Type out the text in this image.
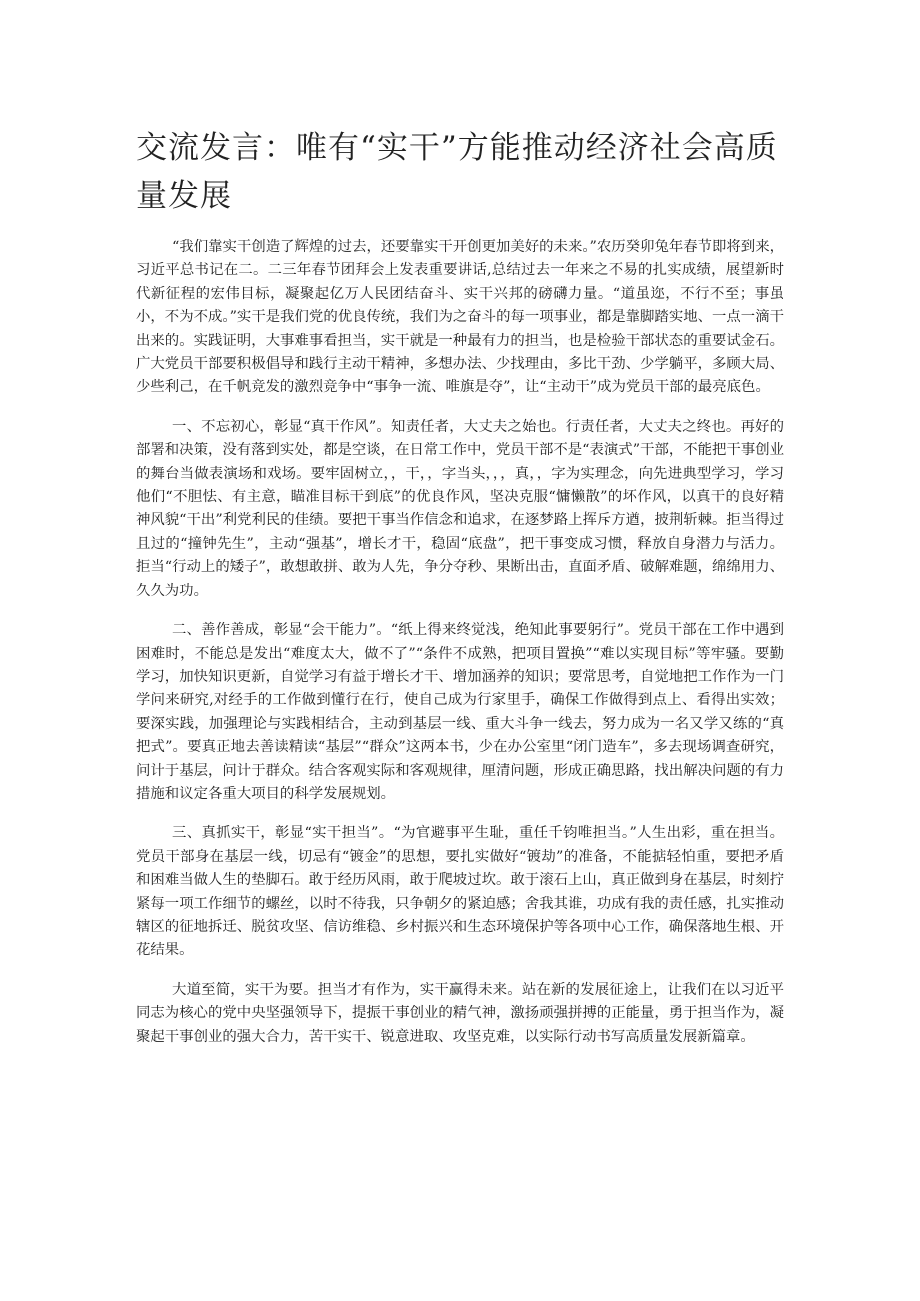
交流发言：唯有“实干”方能推动经济社会高质量发展

“我们靠实干创造了辉煌的过去，还要靠实干开创更加美好的未来。”农历癸卯兔年春节即将到来，习近平总书记在二。二三年春节团拜会上发表重要讲话,总结过去一年来之不易的扎实成绩，展望新时代新征程的宏伟目标，凝聚起亿万人民团结奋斗、实干兴邦的磅礴力量。“道虽迩，不行不至；事虽小，不为不成。”实干是我们党的优良传统，我们为之奋斗的每一项事业，都是靠脚踏实地、一点一滴干出来的。实践证明，大事难事看担当，实干就是一种最有力的担当，也是检验干部状态的重要试金石。广大党员干部要积极倡导和践行主动干精神，多想办法、少找理由，多比干劲、少学躺平，多顾大局、少些利己，在千帆竞发的激烈竞争中“事争一流、唯旗是夺”，让“主动干”成为党员干部的最亮底色。

一、不忘初心，彰显“真干作风”。知责任者，大丈夫之始也。行责任者，大丈夫之终也。再好的部署和决策，没有落到实处，都是空谈，在日常工作中，党员干部不是“表演式”干部，不能把干事创业的舞台当做表演场和戏场。要牢固树立，，干，，字当头，，，真，，字为实理念，向先进典型学习，学习他们“不胆怯、有主意，瞄准目标干到底”的优良作风，坚决克服“慵懒散”的坏作风，以真干的良好精神风貌“干出”利党利民的佳绩。要把干事当作信念和追求，在逐梦路上挥斥方遒，披荆斩棘。拒当得过且过的“撞钟先生”，主动“强基”，增长才干，稳固“底盘”，把干事变成习惯，释放自身潜力与活力。拒当“行动上的矮子”，敢想敢拼、敢为人先，争分夺秒、果断出击，直面矛盾、破解难题，绵绵用力、久久为功。

二、善作善成，彰显“会干能力”。“纸上得来终觉浅，绝知此事要躬行”。党员干部在工作中遇到困难时，不能总是发出“难度太大，做不了”“条件不成熟，把项目置换”“难以实现目标”等牢骚。要勤学习，加快知识更新，自觉学习有益于增长才干、增加涵养的知识；要常思考，自觉地把工作作为一门学问来研究,对经手的工作做到懂行在行，使自己成为行家里手，确保工作做得到点上、看得出实效；要深实践，加强理论与实践相结合，主动到基层一线、重大斗争一线去，努力成为一名又学又练的“真把式”。要真正地去善读精读“基层”“群众”这两本书，少在办公室里“闭门造车”，多去现场调查研究，问计于基层，问计于群众。结合客观实际和客观规律，厘清问题，形成正确思路，找出解决问题的有力措施和议定各重大项目的科学发展规划。

三、真抓实干，彰显“实干担当”。“为官避事平生耻，重任千钧唯担当。”人生出彩，重在担当。党员干部身在基层一线，切忌有“镀金”的思想，要扎实做好“镀劫”的准备，不能掂轻怕重，要把矛盾和困难当做人生的垫脚石。敢于经历风雨，敢于爬坡过坎。敢于滚石上山，真正做到身在基层，时刻拧紧每一项工作细节的螺丝，以时不待我，只争朝夕的紧迫感；舍我其谁，功成有我的责任感，扎实推动辖区的征地拆迁、脱贫攻坚、信访维稳、乡村振兴和生态环境保护等各项中心工作，确保落地生根、开花结果。

大道至简，实干为要。担当才有作为，实干赢得未来。站在新的发展征途上，让我们在以习近平同志为核心的党中央坚强领导下，提振干事创业的精气神，激扬顽强拼搏的正能量，勇于担当作为，凝聚起干事创业的强大合力，苦干实干、锐意进取、攻坚克难，以实际行动书写高质量发展新篇章。
